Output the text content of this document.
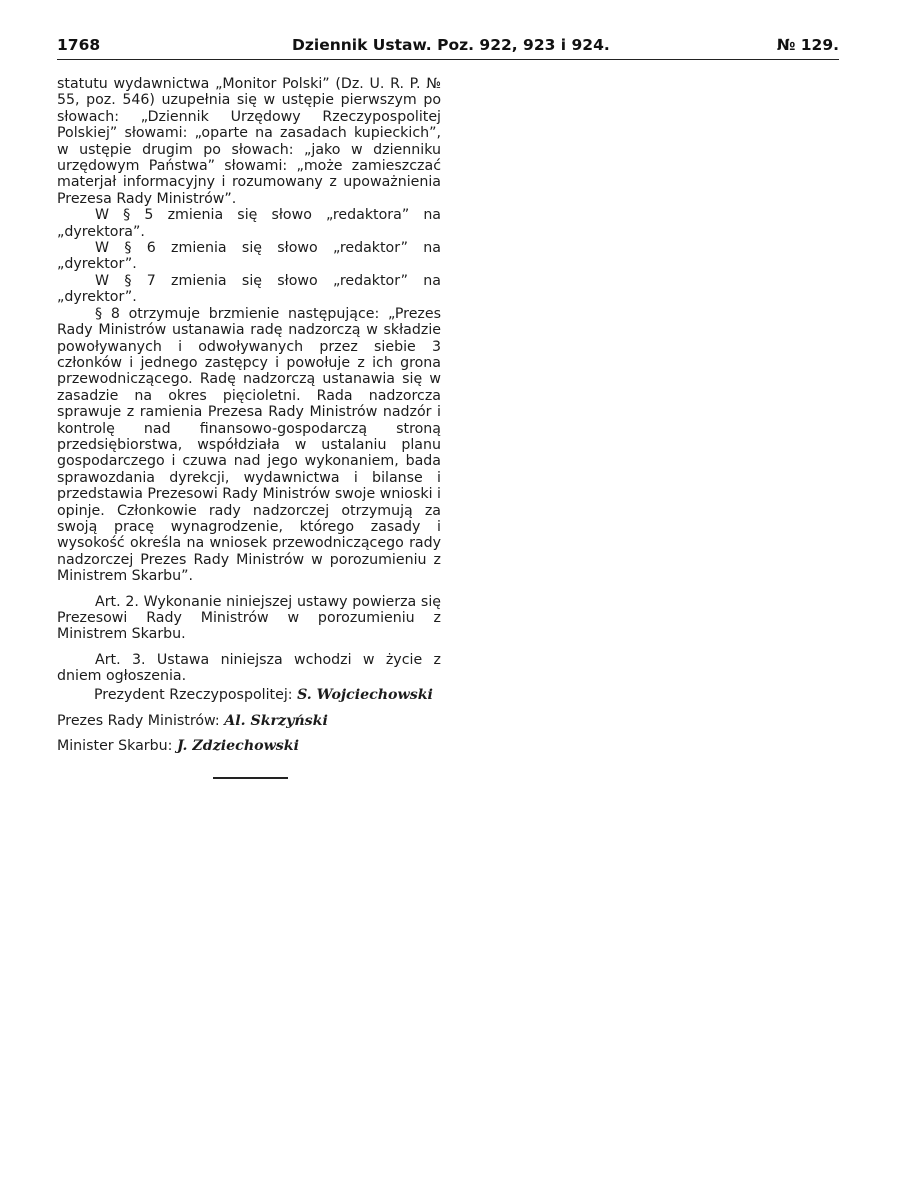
1768	Dziennik Ustaw. Poz. 922, 923 i 924.	№ 129.

statutu wydawnictwa „Monitor Polski” (Dz. U. R. P. № 55, poz. 546) uzupełnia się w ustępie pierwszym po słowach: „Dziennik Urzędowy Rzeczypospolitej Polskiej” słowami: „oparte na zasadach kupieckich”, w ustępie drugim po słowach: „jako w dzienniku urzędowym Państwa” słowami: „może zamieszczać materjał informacyjny i rozumowany z upoważnienia Prezesa Rady Ministrów”.

W § 5 zmienia się słowo „redaktora” na „dyrektora”.

W § 6 zmienia się słowo „redaktor” na „dyrektor”.

W § 7 zmienia się słowo „redaktor” na „dyrektor”.

§ 8 otrzymuje brzmienie następujące: „Prezes Rady Ministrów ustanawia radę nadzorczą w składzie powoływanych i odwoływanych przez siebie 3 członków i jednego zastępcy i powołuje z ich grona przewodniczącego. Radę nadzorczą ustanawia się w zasadzie na okres pięcioletni. Rada nadzorcza sprawuje z ramienia Prezesa Rady Ministrów nadzór i kontrolę nad finansowo-gospodarczą stroną przedsiębiorstwa, współdziała w ustalaniu planu gospodarczego i czuwa nad jego wykonaniem, bada sprawozdania dyrekcji, wydawnictwa i bilanse i przedstawia Prezesowi Rady Ministrów swoje wnioski i opinje. Członkowie rady nadzorczej otrzymują za swoją pracę wynagrodzenie, którego zasady i wysokość określa na wniosek przewodniczącego rady nadzorczej Prezes Rady Ministrów w porozumieniu z Ministrem Skarbu”.

Art. 2. Wykonanie niniejszej ustawy powierza się Prezesowi Rady Ministrów w porozumieniu z Ministrem Skarbu.

Art. 3. Ustawa niniejsza wchodzi w życie z dniem ogłoszenia.

Prezydent Rzeczypospolitej: S. Wojciechowski
Prezes Rady Ministrów: Al. Skrzyński
Minister Skarbu: J. Zdziechowski
